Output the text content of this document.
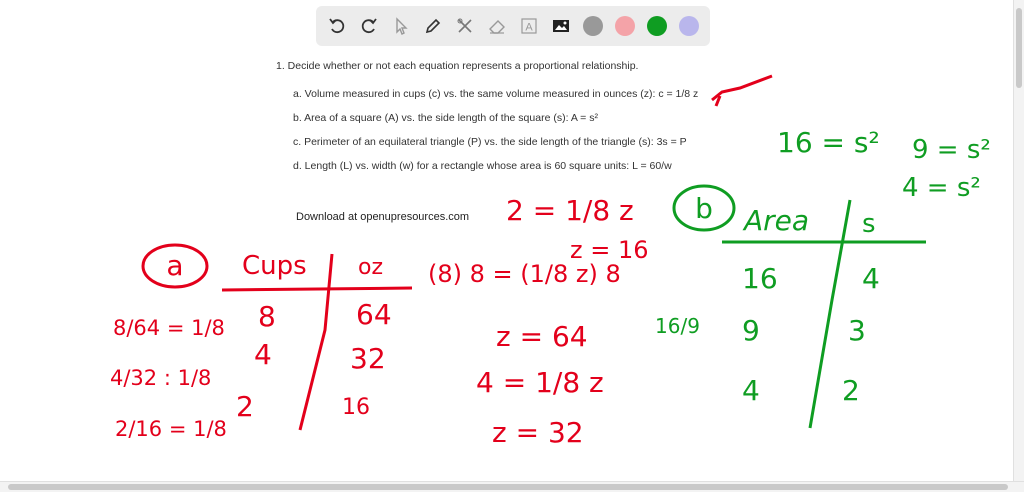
A

1. Decide whether or not each equation represents a proportional relationship.

a. Volume measured in cups (c) vs. the same volume measured in ounces (z): c = 1/8 z
b. Area of a square (A) vs. the side length of the square (s): A = s²
c. Perimeter of an equilateral triangle (P) vs. the side length of the triangle (s): 3s = P
d. Length (L) vs. width (w) for a rectangle whose area is 60 square units: L = 60/w
Download at openupresources.com
a Cups oz
8
4
2
64
32
16
8/64 = 1/8
4/32 : 1/8
2/16 = 1/8
2 = 1/8 z
z = 16
(8) 8 = (1/8 z) 8
z = 64
4 = 1/8 z
z = 32
b Area s
16
9
4
4
3
2
16/9
16 = s² 9 = s²
4 = s²
